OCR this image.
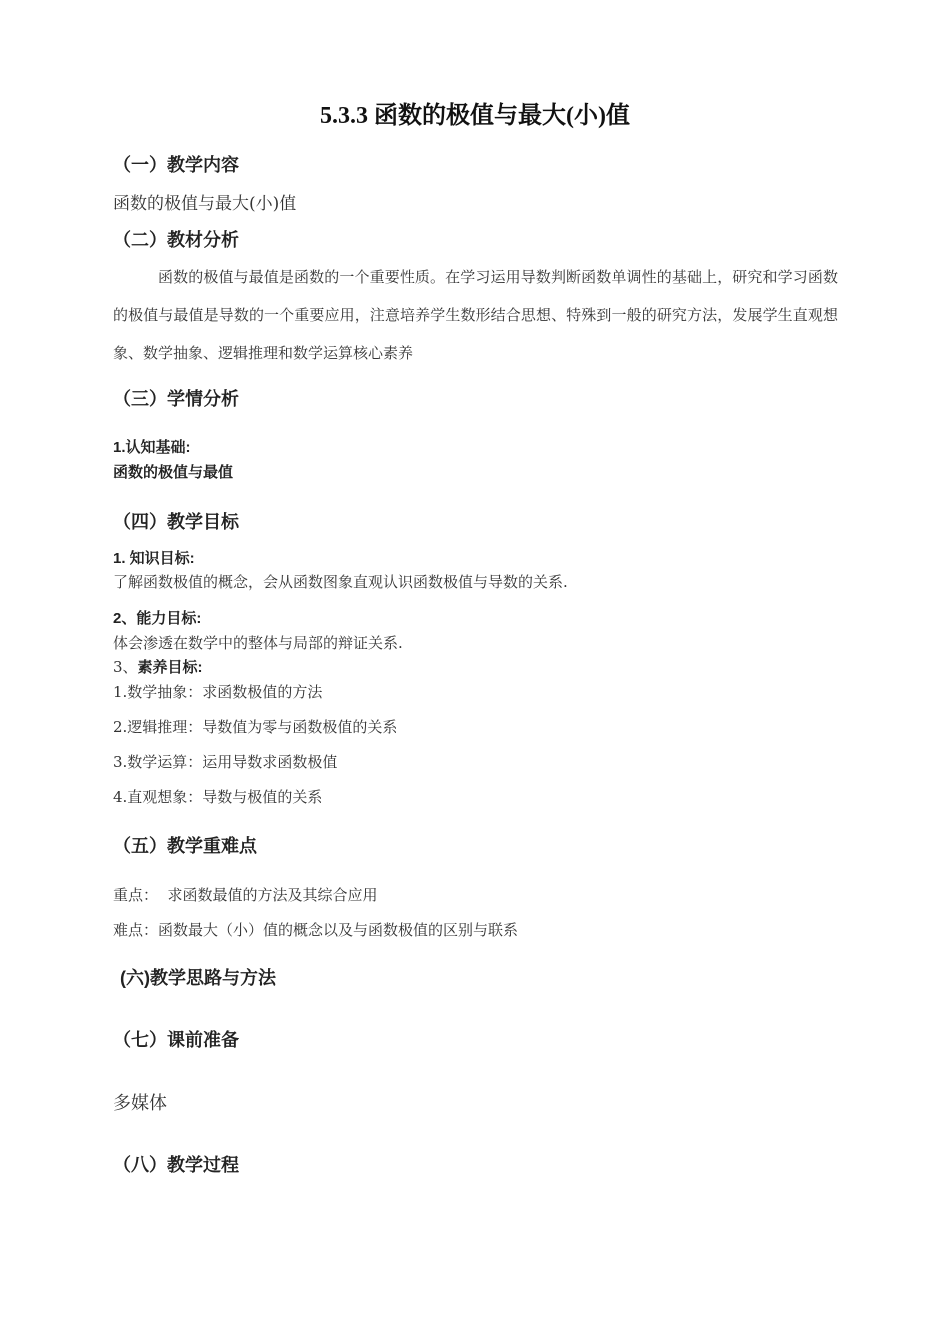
5.3.3 函数的极值与最大(小)值
（一）教学内容
函数的极值与最大(小)值
（二）教材分析
函数的极值与最值是函数的一个重要性质。在学习运用导数判断函数单调性的基础上，研究和学习函数的极值与最值是导数的一个重要应用，注意培养学生数形结合思想、特殊到一般的研究方法，发展学生直观想象、数学抽象、逻辑推理和数学运算核心素养
（三）学情分析
1.认知基础:
函数的极值与最值
（四）教学目标
1. 知识目标:
了解函数极值的概念，会从函数图象直观认识函数极值与导数的关系.
2、能力目标:
体会渗透在数学中的整体与局部的辩证关系.
3、素养目标:
1.数学抽象：求函数极值的方法
2.逻辑推理：导数值为零与函数极值的关系
3.数学运算：运用导数求函数极值
4.直观想象：导数与极值的关系
（五）教学重难点
重点：  求函数最值的方法及其综合应用
难点：函数最大（小）值的概念以及与函数极值的区别与联系
(六)教学思路与方法
（七）课前准备
多媒体
（八）教学过程
